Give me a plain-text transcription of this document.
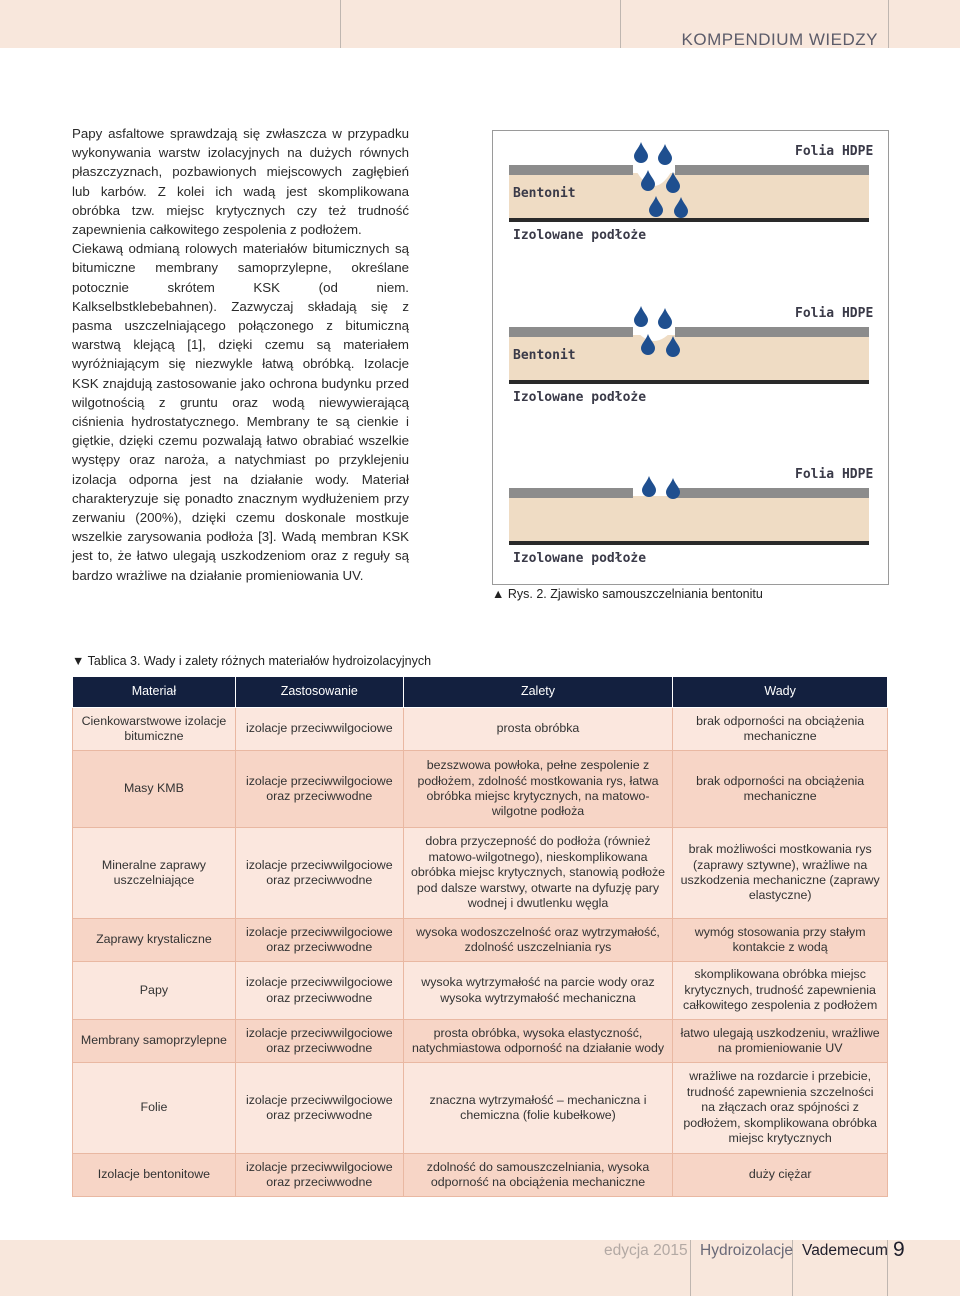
KOMPENDIUM WIEDZY

Papy asfaltowe sprawdzają się zwłaszcza w przypadku wykonywania warstw izolacyjnych na dużych równych płaszczyznach, pozbawionych miejscowych zagłębień lub karbów. Z kolei ich wadą jest skomplikowana obróbka tzw. miejsc krytycznych czy też trudność zapewnienia całkowitego zespolenia z podłożem.

Ciekawą odmianą rolowych materiałów bitumicznych są bitumiczne membrany samoprzylepne, określane potocznie skrótem KSK (od niem. Kalkselbstklebebahnen). Zazwyczaj składają się z pasma uszczelniającego połączonego z bitumiczną warstwą klejącą [1], dzięki czemu są materiałem wyróżniającym się niezwykle łatwą obróbką. Izolacje KSK znajdują zastosowanie jako ochrona budynku przed wilgotnością z gruntu oraz wodą niewywierającą ciśnienia hydrostatycznego. Membrany te są cienkie i giętkie, dzięki czemu pozwalają łatwo obrabiać wszelkie występy oraz naroża, a natychmiast po przyklejeniu izolacja odporna jest na działanie wody. Materiał charakteryzuje się ponadto znacznym wydłużeniem przy zerwaniu (200%), dzięki czemu doskonale mostkuje wszelkie zarysowania podłoża [3]. Wadą membran KSK jest to, że łatwo ulegają uszkodzeniom oraz z reguły są bardzo wrażliwe na działanie promieniowania UV.

Folia HDPE
Bentonit
Izolowane podłoże
Folia HDPE
Bentonit
Izolowane podłoże
Folia HDPE
Izolowane podłoże
▲ Rys. 2. Zjawisko samouszczelniania bentonitu
▼ Tablica 3. Wady i zalety różnych materiałów hydroizolacyjnych
Materiał	Zastosowanie	Zalety	Wady
Cienkowarstwowe izolacje bitumiczne	izolacje przeciwwilgociowe	prosta obróbka	brak odporności na obciążenia mechaniczne
Masy KMB	izolacje przeciwwilgociowe oraz przeciwwodne	bezszwowa powłoka, pełne zespolenie z podłożem, zdolność mostkowania rys, łatwa obróbka miejsc krytycznych, na matowo-wilgotne podłoża	brak odporności na obciążenia mechaniczne
Mineralne zaprawy uszczelniające	izolacje przeciwwilgociowe oraz przeciwwodne	dobra przyczepność do podłoża (również matowo-wilgotnego), nieskomplikowana obróbka miejsc krytycznych, stanowią podłoże pod dalsze warstwy, otwarte na dyfuzję pary wodnej i dwutlenku węgla	brak możliwości mostkowania rys (zaprawy sztywne), wrażliwe na uszkodzenia mechaniczne (zaprawy elastyczne)
Zaprawy krystaliczne	izolacje przeciwwilgociowe oraz przeciwwodne	wysoka wodoszczelność oraz wytrzymałość, zdolność uszczelniania rys	wymóg stosowania przy stałym kontakcie z wodą
Papy	izolacje przeciwwilgociowe oraz przeciwwodne	wysoka wytrzymałość na parcie wody oraz wysoka wytrzymałość mechaniczna	skomplikowana obróbka miejsc krytycznych, trudność zapewnienia całkowitego zespolenia z podłożem
Membrany samoprzylepne	izolacje przeciwwilgociowe oraz przeciwwodne	prosta obróbka, wysoka elastyczność, natychmiastowa odporność na działanie wody	łatwo ulegają uszkodzeniu, wrażliwe na promieniowanie UV
Folie	izolacje przeciwwilgociowe oraz przeciwwodne	znaczna wytrzymałość – mechaniczna i chemiczna (folie kubełkowe)	wrażliwe na rozdarcie i przebicie, trudność zapewnienia szczelności na złączach oraz spójności z podłożem, skomplikowana obróbka miejsc krytycznych
Izolacje bentonitowe	izolacje przeciwwilgociowe oraz przeciwwodne	zdolność do samouszczelniania, wysoka odporność na obciążenia mechaniczne	duży ciężar
edycja 2015 Hydroizolacje Vademecum 9
